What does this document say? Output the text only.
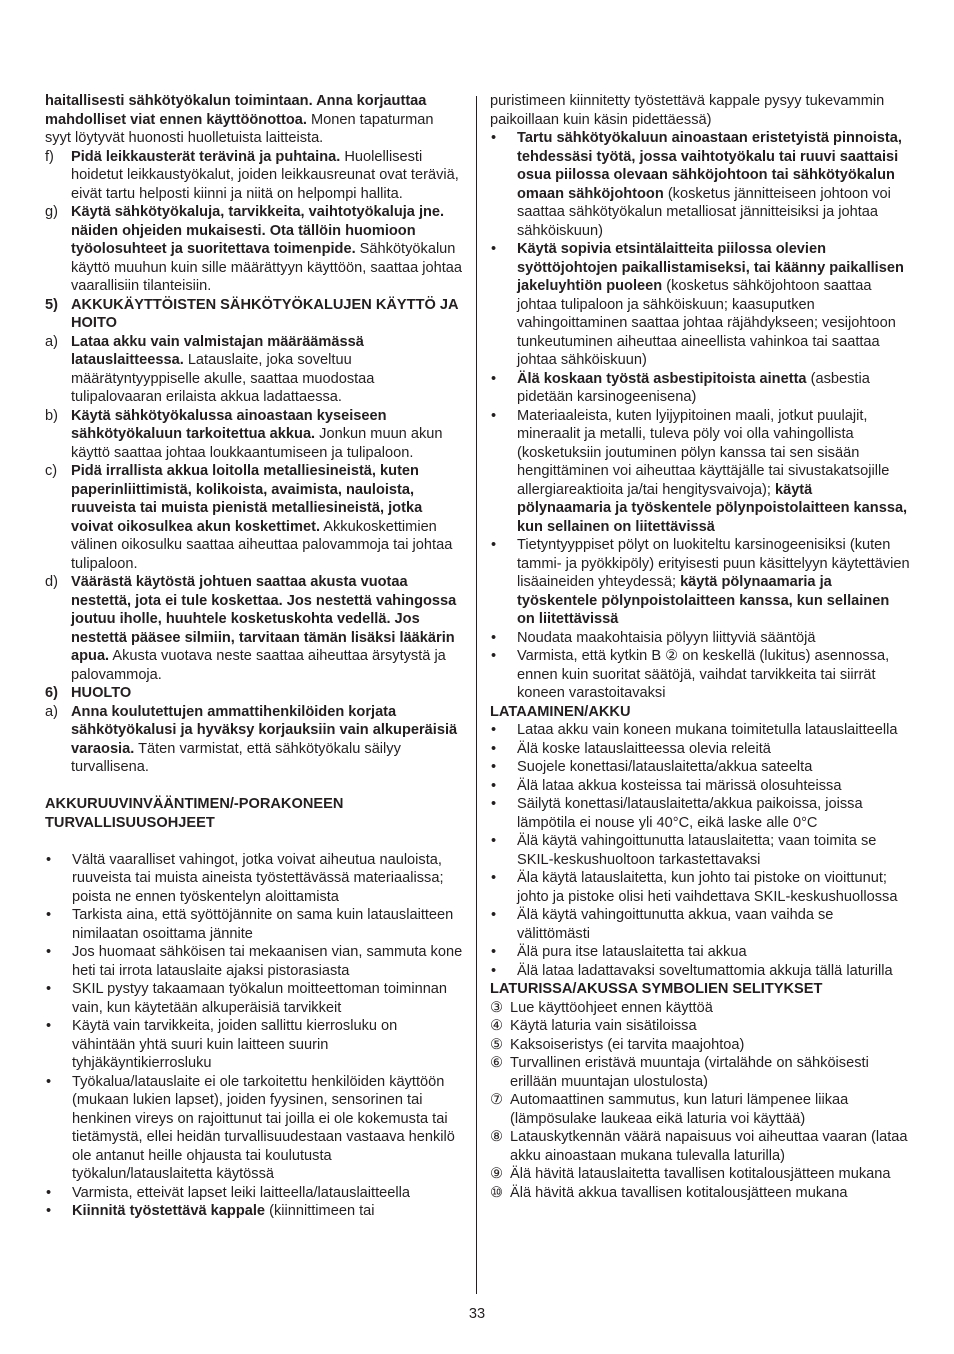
haitallisesti sähkötyökalun toimintaan. Anna korjauttaa mahdolliset viat ennen käyttöönottoa. Monen tapaturman syyt löytyvät huonosti huolletuista laitteista.
f)	Pidä leikkausterät terävinä ja puhtaina. Huolellisesti hoidetut leikkaustyökalut, joiden leikkausreunat ovat teräviä, eivät tartu helposti kiinni ja niitä on helpompi hallita.
g) Käytä sähkötyökaluja, tarvikkeita, vaihtotyökaluja jne. näiden ohjeiden mukaisesti. Ota tällöin huomioon työolosuhteet ja suoritettava toimenpide. Sähkötyökalun käyttö muuhun kuin sille määrättyyn käyttöön, saattaa johtaa vaarallisiin tilanteisiin.
5) AKKUKÄYTTÖISTEN SÄHKÖTYÖKALUJEN KÄYTTÖ JA HOITO
a) Lataa akku vain valmistajan määräämässä latauslaitteessa. Latauslaite, joka soveltuu määrätyntyyppiselle akulle, saattaa muodostaa tulipalovaaran erilaista akkua ladattaessa.
b) Käytä sähkötyökalussa ainoastaan kyseiseen sähkötyökaluun tarkoitettua akkua. Jonkun muun akun käyttö saattaa johtaa loukkaantumiseen ja tulipaloon.
c) Pidä irrallista akkua loitolla metalliesineistä, kuten paperinliittimistä, kolikoista, avaimista, nauloista, ruuveista tai muista pienistä metalliesineistä, jotka voivat oikosulkea akun koskettimet. Akkukoskettimien välinen oikosulku saattaa aiheuttaa palovammoja tai johtaa tulipaloon.
d) Väärästä käytöstä johtuen saattaa akusta vuotaa nestettä, jota ei tule koskettaa. Jos nestettä vahingossa joutuu iholle, huuhtele kosketuskohta vedellä. Jos nestettä pääsee silmiin, tarvitaan tämän lisäksi lääkärin apua. Akusta vuotava neste saattaa aiheuttaa ärsytystä ja palovammoja.
6) HUOLTO
a) Anna koulutettujen ammattihenkilöiden korjata sähkötyökalusi ja hyväksy korjauksiin vain alkuperäisiä varaosia. Täten varmistat, että sähkötyökalu säilyy turvallisena.
AKKURUUVINVÄÄNTIMEN/-PORAKONEEN TURVALLISUUSOHJEET
•	Vältä vaaralliset vahingot, jotka voivat aiheutua nauloista, ruuveista tai muista aineista työstettävässä materiaalissa; poista ne ennen työskentelyn aloittamista
•	Tarkista aina, että syöttöjännite on sama kuin latauslaitteen nimilaatan osoittama jännite
•	Jos huomaat sähköisen tai mekaanisen vian, sammuta kone heti tai irrota latauslaite ajaksi pistorasiasta
•	SKIL pystyy takaamaan työkalun moitteettoman toiminnan vain, kun käytetään alkuperäisiä tarvikkeit
•	Käytä vain tarvikkeita, joiden sallittu kierrosluku on vähintään yhtä suuri kuin laitteen suurin tyhjäkäyntikierrosluku
•	Työkalua/latauslaite ei ole tarkoitettu henkilöiden käyttöön (mukaan lukien lapset), joiden fyysinen, sensorinen tai henkinen vireys on rajoittunut tai joilla ei ole kokemusta tai tietämystä, ellei heidän turvallisuudestaan vastaava henkilö ole antanut heille ohjausta tai koulutusta työkalun/latauslaitetta käytössä
•	Varmista, etteivät lapset leiki laitteella/latauslaitteella
•	Kiinnitä työstettävä kappale (kiinnittimeen tai
puristimeen kiinnitetty työstettävä kappale pysyy tukevammin paikoillaan kuin käsin pidettäessä)
•	Tartu sähkötyökaluun ainoastaan eristetyistä pinnoista, tehdessäsi työtä, jossa vaihtotyökalu tai ruuvi saattaisi osua piilossa olevaan sähköjohtoon tai sähkötyökalun omaan sähköjohtoon (kosketus jännitteiseen johtoon voi saattaa sähkötyökalun metalliosat jännitteisiksi ja johtaa sähköiskuun)
•	Käytä sopivia etsintälaitteita piilossa olevien syöttöjohtojen paikallistamiseksi, tai käänny paikallisen jakeluyhtiön puoleen (kosketus sähköjohtoon saattaa johtaa tulipaloon ja sähköiskuun; kaasuputken vahingoittaminen saattaa johtaa räjähdykseen; vesijohtoon tunkeutuminen aiheuttaa aineellista vahinkoa tai saattaa johtaa sähköiskuun)
•	Älä koskaan työstä asbestipitoista ainetta (asbestia pidetään karsinogeenisena)
•	Materiaaleista, kuten lyijypitoinen maali, jotkut puulajit, mineraalit ja metalli, tuleva pöly voi olla vahingollista (kosketuksiin joutuminen pölyn kanssa tai sen sisään hengittäminen voi aiheuttaa käyttäjälle tai sivustakatsojille allergiareaktioita ja/tai hengitysvaivoja); käytä pölynaamaria ja työskentele pölynpoistolaitteen kanssa, kun sellainen on liitettävissä
•	Tietyntyyppiset pölyt on luokiteltu karsinogeenisiksi (kuten tammi- ja pyökkipöly) erityisesti puun käsittelyyn käytettävien lisäaineiden yhteydessä; käytä pölynaamaria ja työskentele pölynpoistolaitteen kanssa, kun sellainen on liitettävissä
•	Noudata maakohtaisia pölyyn liittyviä sääntöjä
•	Varmista, että kytkin B ② on keskellä (lukitus) asennossa, ennen kuin suoritat säätöjä, vaihdat tarvikkeita tai siirrät koneen varastoitavaksi
LATAAMINEN/AKKU
•	Lataa akku vain koneen mukana toimitetulla latauslaitteella
•	Älä koske latauslaitteessa olevia releitä
•	Suojele konettasi/latauslaitetta/akkua sateelta
•	Älä lataa akkua kosteissa tai märissä olosuhteissa
•	Säilytä konettasi/latauslaitetta/akkua paikoissa, joissa lämpötila ei nouse yli 40°C, eikä laske alle 0°C
•	Älä käytä vahingoittunutta latauslaitetta; vaan toimita se SKIL-keskushuoltoon tarkastettavaksi
•	Äla käytä latauslaitetta, kun johto tai pistoke on vioittunut; johto ja pistoke olisi heti vaihdettava SKIL-keskushuollossa
•	Älä käytä vahingoittunutta akkua, vaan vaihda se välittömästi
•	Älä pura itse latauslaitetta tai akkua
•	Älä lataa ladattavaksi soveltumattomia akkuja tällä laturilla
LATURISSA/AKUSSA SYMBOLIEN SELITYKSET
③ Lue käyttöohjeet ennen käyttöä
④ Käytä laturia vain sisätiloissa
⑤ Kaksoiseristys (ei tarvita maajohtoa)
⑥ Turvallinen eristävä muuntaja (virtalähde on sähköisesti erillään muuntajan ulostulosta)
⑦ Automaattinen sammutus, kun laturi lämpenee liikaa (lämpösulake laukeaa eikä laturia voi käyttää)
⑧ Latauskytkennän väärä napaisuus voi aiheuttaa vaaran (lataa akku ainoastaan mukana tulevalla laturilla)
⑨ Älä hävitä latauslaitetta tavallisen kotitalousjätteen mukana
⑩ Älä hävitä akkua tavallisen kotitalousjätteen mukana
33
